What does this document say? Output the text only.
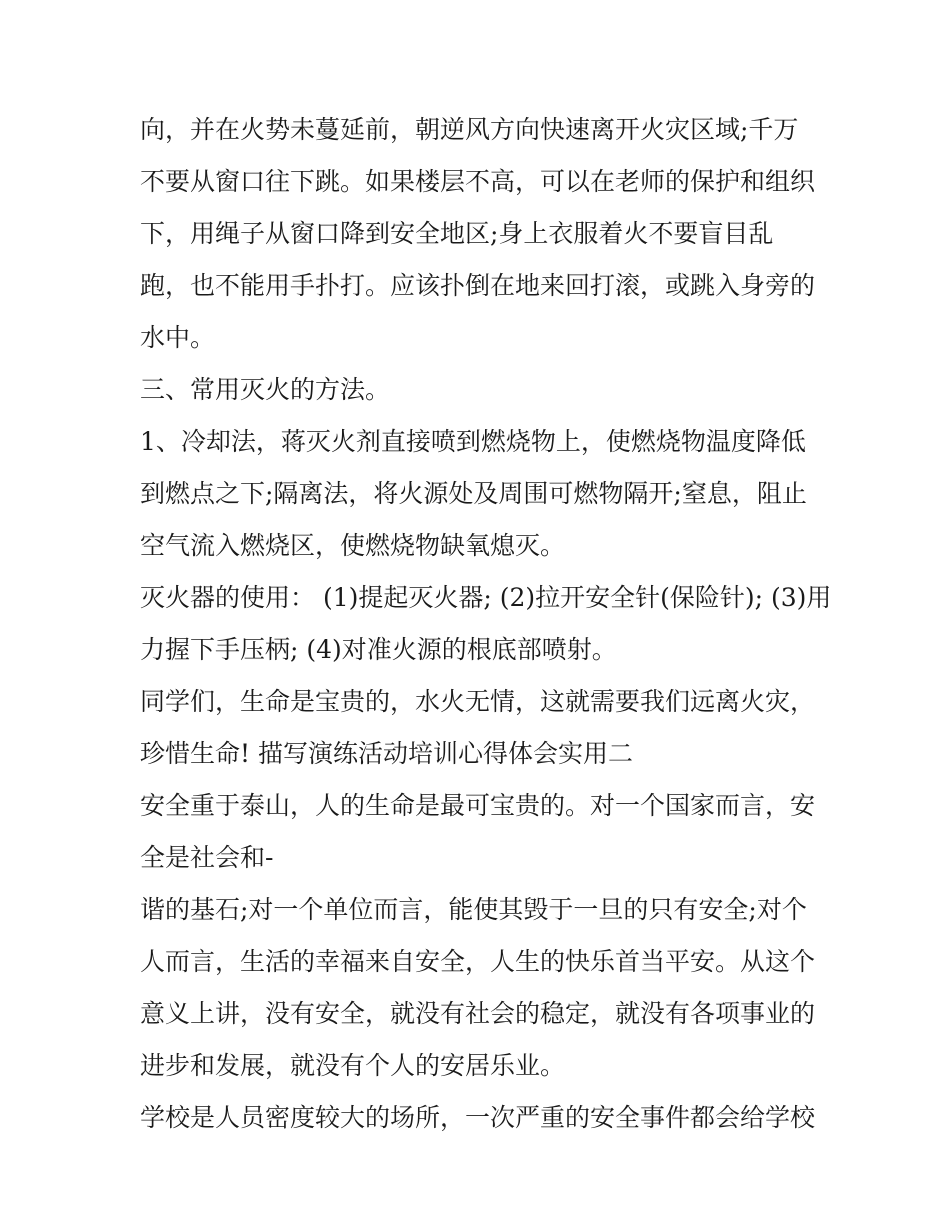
向，并在火势未蔓延前，朝逆风方向快速离开火灾区域;千万
不要从窗口往下跳。如果楼层不高，可以在老师的保护和组织
下，用绳子从窗口降到安全地区;身上衣服着火不要盲目乱
跑，也不能用手扑打。应该扑倒在地来回打滚，或跳入身旁的
水中。
三、常用灭火的方法。
1、冷却法，蒋灭火剂直接喷到燃烧物上，使燃烧物温度降低
到燃点之下;隔离法，将火源处及周围可燃物隔开;窒息，阻止
空气流入燃烧区，使燃烧物缺氧熄灭。
灭火器的使用： (1)提起灭火器; (2)拉开安全针(保险针); (3)用
力握下手压柄; (4)对准火源的根底部喷射。
同学们，生命是宝贵的，水火无情，这就需要我们远离火灾，
珍惜生命! 描写演练活动培训心得体会实用二
安全重于泰山，人的生命是最可宝贵的。对一个国家而言，安
全是社会和-
谐的基石;对一个单位而言，能使其毁于一旦的只有安全;对个
人而言，生活的幸福来自安全，人生的快乐首当平安。从这个
意义上讲，没有安全，就没有社会的稳定，就没有各项事业的
进步和发展，就没有个人的安居乐业。
学校是人员密度较大的场所，一次严重的安全事件都会给学校
